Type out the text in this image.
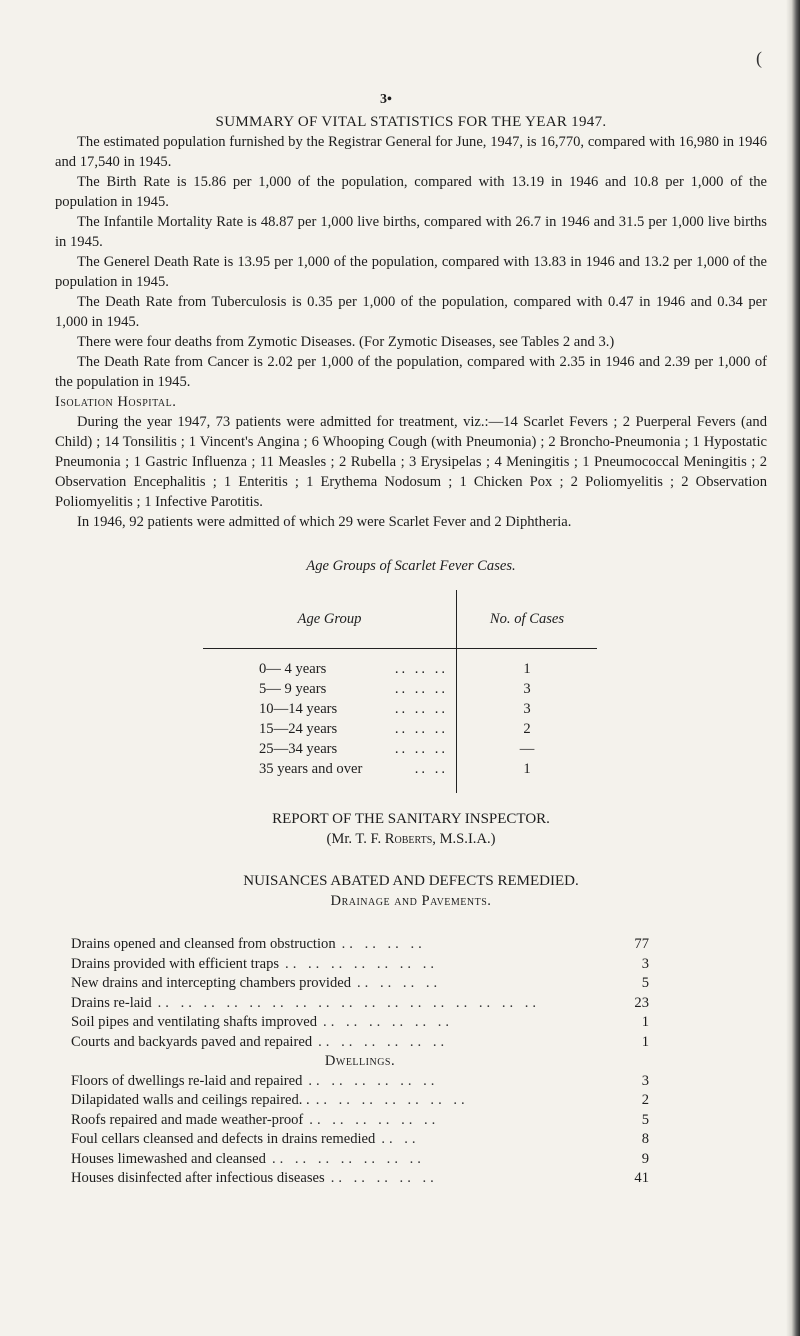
(
3•

SUMMARY OF VITAL STATISTICS FOR THE YEAR 1947.

The estimated population furnished by the Registrar General for June, 1947, is 16,770, compared with 16,980 in 1946 and 17,540 in 1945.

The Birth Rate is 15.86 per 1,000 of the population, compared with 13.19 in 1946 and 10.8 per 1,000 of the population in 1945.

The Infantile Mortality Rate is 48.87 per 1,000 live births, compared with 26.7 in 1946 and 31.5 per 1,000 live births in 1945.

The Generel Death Rate is 13.95 per 1,000 of the population, compared with 13.83 in 1946 and 13.2 per 1,000 of the population in 1945.

The Death Rate from Tuberculosis is 0.35 per 1,000 of the population, compared with 0.47 in 1946 and 0.34 per 1,000 in 1945.

There were four deaths from Zymotic Diseases. (For Zymotic Diseases, see Tables 2 and 3.)

The Death Rate from Cancer is 2.02 per 1,000 of the population, compared with 2.35 in 1946 and 2.39 per 1,000 of the population in 1945.

Isolation Hospital.

During the year 1947, 73 patients were admitted for treatment, viz.:—14 Scarlet Fevers ; 2 Puerperal Fevers (and Child) ; 14 Tonsilitis ; 1 Vincent's Angina ; 6 Whooping Cough (with Pneumonia) ; 2 Broncho-Pneumonia ; 1 Hypostatic Pneumonia ; 1 Gastric Influenza ; 11 Measles ; 2 Rubella ; 3 Erysipelas ; 4 Meningitis ; 1 Pneumococcal Meningitis ; 2 Observation Encephalitis ; 1 Enteritis ; 1 Erythema Nodosum ; 1 Chicken Pox ; 2 Poliomyelitis ; 2 Observation Poliomyelitis ; 1 Infective Parotitis.

In 1946, 92 patients were admitted of which 29 were Scarlet Fever and 2 Diphtheria.

Age Groups of Scarlet Fever Cases.

Age Group	No. of Cases
0— 4 years .. .. ..	1
5— 9 years .. .. ..	3
10—14 years .. .. ..	3
15—24 years .. .. ..	2
25—34 years .. .. ..	—
35 years and over .. ..	1

REPORT OF THE SANITARY INSPECTOR.

(Mr. T. F. Roberts, M.S.I.A.)

NUISANCES ABATED AND DEFECTS REMEDIED.

Drainage and Pavements.

Drains opened and cleansed from obstruction .. .. .. ..	77
Drains provided with efficient traps .. .. .. .. .. .. ..	3
New drains and intercepting chambers provided .. .. .. ..	5
Drains re-laid .. .. .. .. .. .. .. .. .. .. .. .. .. .. .. .. ..	23
Soil pipes and ventilating shafts improved .. .. .. .. .. ..	1
Courts and backyards paved and repaired .. .. .. .. .. ..	1

Dwellings.

Floors of dwellings re-laid and repaired .. .. .. .. .. ..	3
Dilapidated walls and ceilings repaired. . .. .. .. .. .. .. ..	2
Roofs repaired and made weather-proof .. .. .. .. .. ..	5
Foul cellars cleansed and defects in drains remedied .. ..	8
Houses limewashed and cleansed .. .. .. .. .. .. ..	9
Houses disinfected after infectious diseases .. .. .. .. ..	41
